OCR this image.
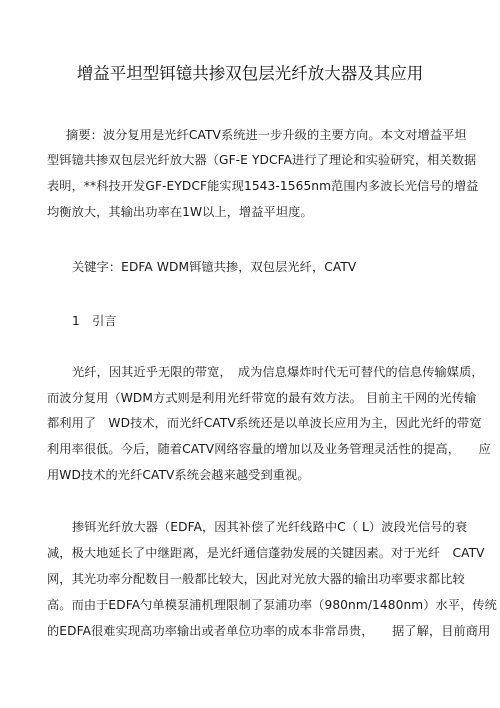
增益平坦型铒镱共掺双包层光纤放大器及其应用
摘要：波分复用是光纤CATV系统进一步升级的主要方向。本文对增益平坦
型铒镱共掺双包层光纤放大器（GF-E YDCFA进行了理论和实验研究，相关数据
表明，**科技开发GF-EYDCF能实现1543-1565nm范围内多波长光信号的增益
均衡放大，其输出功率在1W以上，增益平坦度。
关键字：EDFA WDM铒镱共掺，双包层光纤，CATV
1　引言
光纤，因其近乎无限的带宽，　成为信息爆炸时代无可替代的信息传输媒质，
而波分复用（WDM方式则是利用光纤带宽的最有效方法。 目前主干网的光传输
都利用了　WD技术，而光纤CATV系统还是以单波长应用为主，因此光纤的带宽
利用率很低。今后，随着CATV网络容量的增加以及业务管理灵活性的提高，　　应
用WD技术的光纤CATV系统会越来越受到重视。
掺铒光纤放大器（EDFA，因其补偿了光纤线路中C（ L）波段光信号的衰
减，极大地延长了中继距离，是光纤通信蓬勃发展的关键因素。对于光纤　CATV
网，其光功率分配数目一般都比较大，因此对光放大器的输出功率要求都比较
高。而由于EDFA勺单模泵浦机理限制了泵浦功率（980nm/1480nm）水平，传统
的EDFA很难实现高功率输出或者单位功率的成本非常昂贵，　　据了解，目前商用
